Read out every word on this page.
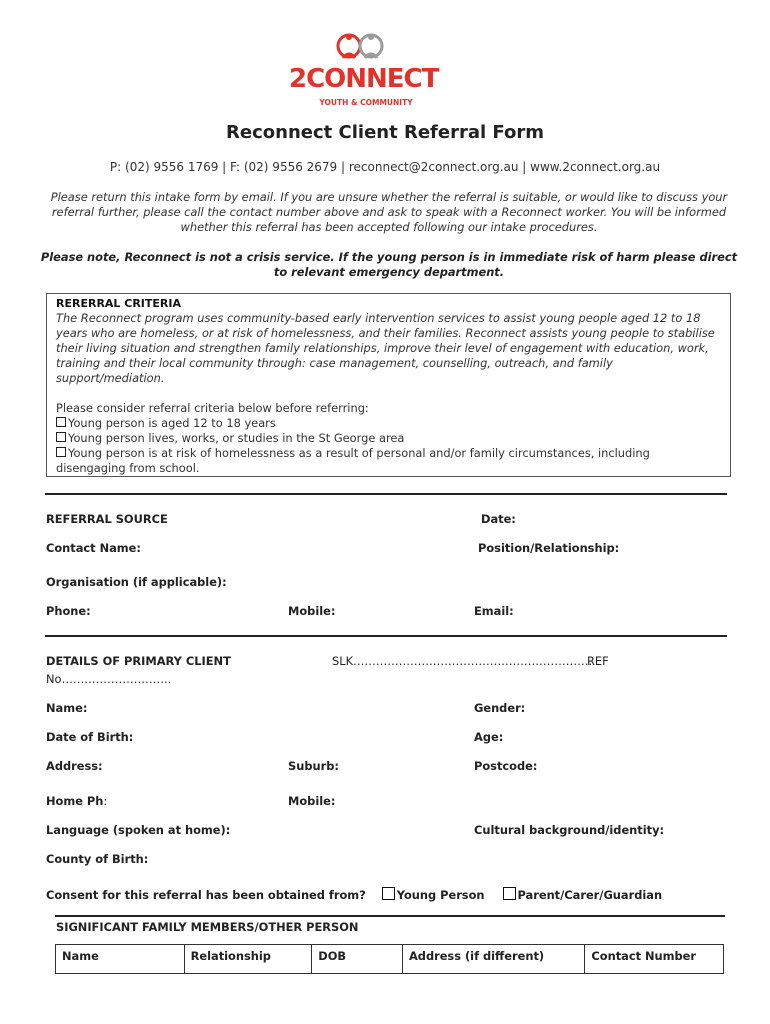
2CONNECT
YOUTH & COMMUNITY
Reconnect Client Referral Form
P: (02) 9556 1769 | F: (02) 9556 2679 | reconnect@2connect.org.au | www.2connect.org.au
Please return this intake form by email. If you are unsure whether the referral is suitable, or would like to discuss your referral further, please call the contact number above and ask to speak with a Reconnect worker. You will be informed whether this referral has been accepted following our intake procedures.
Please note, Reconnect is not a crisis service. If the young person is in immediate risk of harm please direct to relevant emergency department.
RERERRAL CRITERIA
The Reconnect program uses community-based early intervention services to assist young people aged 12 to 18 years who are homeless, or at risk of homelessness, and their families. Reconnect assists young people to stabilise their living situation and strengthen family relationships, improve their level of engagement with education, work, training and their local community through: case management, counselling, outreach, and family support/mediation.
Please consider referral criteria below before referring:
Young person is aged 12 to 18 years
Young person lives, works, or studies in the St George area
Young person is at risk of homelessness as a result of personal and/or family circumstances, including disengaging from school.
REFERRAL SOURCE	Date:
Contact Name:	Position/Relationship:
Organisation (if applicable):
Phone:	Mobile:	Email:
DETAILS OF PRIMARY CLIENT	SLK………………………………………………………
REF
No………………………..
Name:	Gender:
Date of Birth:	Age:
Address:	Suburb:	Postcode:
Home Ph:	Mobile:
Language (spoken at home):	Cultural background/identity:
County of Birth:
Consent for this referral has been obtained from?	Young Person	Parent/Carer/Guardian
SIGNIFICANT FAMILY MEMBERS/OTHER PERSON
Name	Relationship	DOB	Address (if different)	Contact Number
